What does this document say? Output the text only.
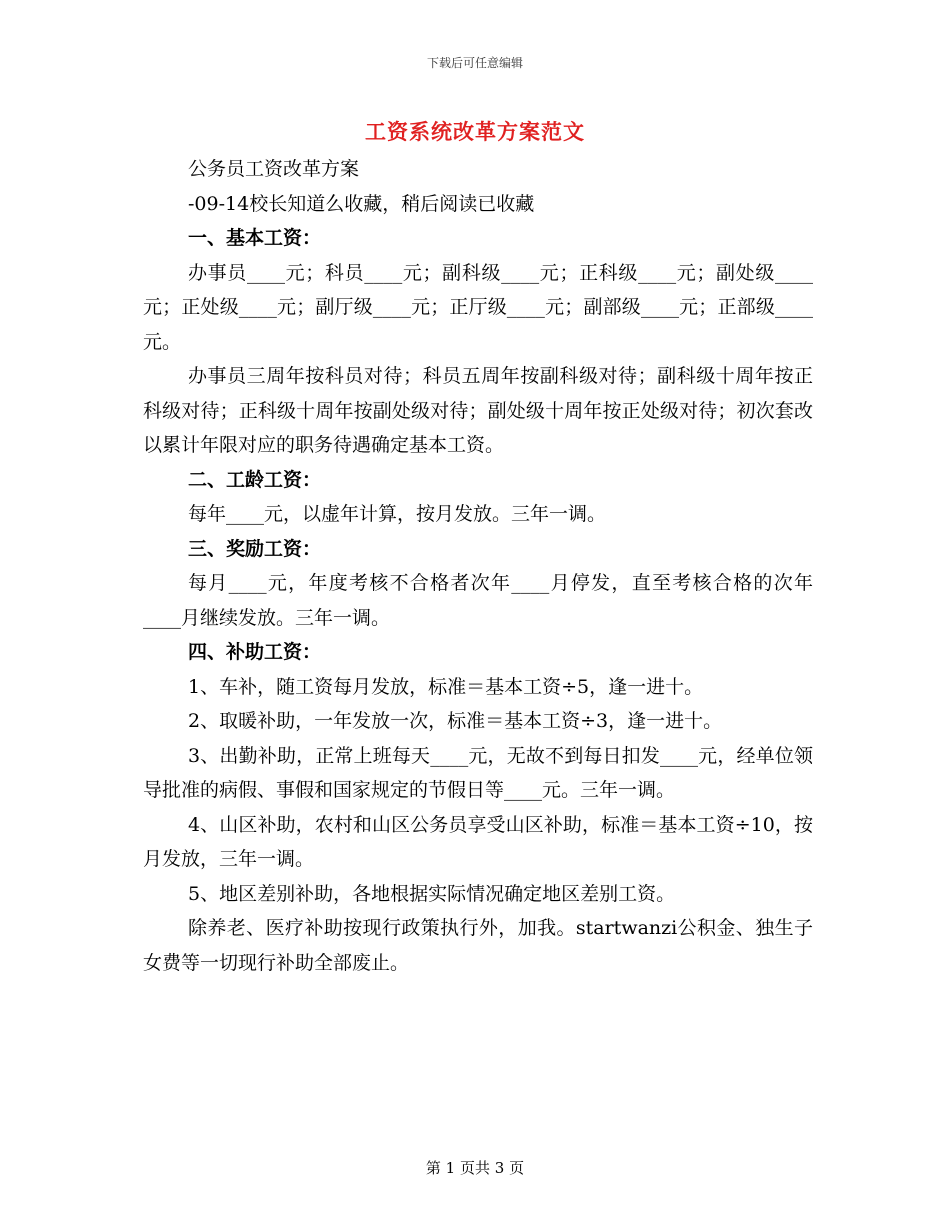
下载后可任意编辑
工资系统改革方案范文

公务员工资改革方案

-09-14校长知道么收藏，稍后阅读已收藏

一、基本工资：

办事员____元；科员____元；副科级____元；正科级____元；副处级____元；正处级____元；副厅级____元；正厅级____元；副部级____元；正部级____元。

办事员三周年按科员对待；科员五周年按副科级对待；副科级十周年按正科级对待；正科级十周年按副处级对待；副处级十周年按正处级对待；初次套改以累计年限对应的职务待遇确定基本工资。

二、工龄工资：

每年____元，以虚年计算，按月发放。三年一调。

三、奖励工资：

每月____元，年度考核不合格者次年____月停发，直至考核合格的次年____月继续发放。三年一调。

四、补助工资：

1、车补，随工资每月发放，标准＝基本工资÷5，逢一进十。

2、取暖补助，一年发放一次，标准＝基本工资÷3，逢一进十。

3、出勤补助，正常上班每天____元，无故不到每日扣发____元，经单位领导批准的病假、事假和国家规定的节假日等____元。三年一调。

4、山区补助，农村和山区公务员享受山区补助，标准＝基本工资÷10，按月发放，三年一调。

5、地区差别补助，各地根据实际情况确定地区差别工资。

除养老、医疗补助按现行政策执行外，加我。startwanzi公积金、独生子女费等一切现行补助全部废止。

第 1 页共 3 页
